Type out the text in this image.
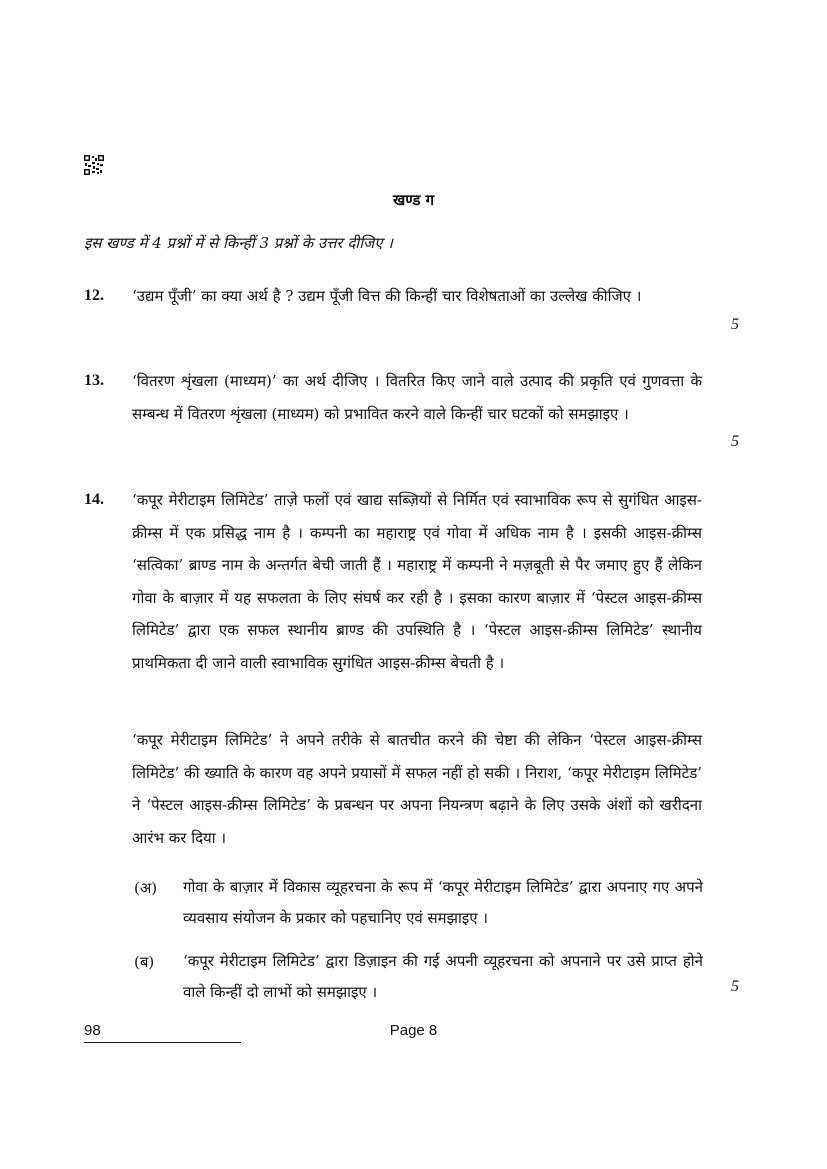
खण्ड ग
इस खण्ड में 4 प्रश्नों में से किन्हीं 3 प्रश्नों के उत्तर दीजिए ।
12. ‘उद्यम पूँजी’ का क्या अर्थ है ? उद्यम पूँजी वित्त की किन्हीं चार विशेषताओं का उल्लेख कीजिए ।
5
13. ‘वितरण शृंखला (माध्यम)’ का अर्थ दीजिए । वितरित किए जाने वाले उत्पाद की प्रकृति एवं गुणवत्ता के सम्बन्ध में वितरण शृंखला (माध्यम) को प्रभावित करने वाले किन्हीं चार घटकों को समझाइए ।
5
14. ‘कपूर मेरीटाइम लिमिटेड’ ताज़े फलों एवं खाद्य सब्ज़ियों से निर्मित एवं स्वाभाविक रूप से सुगंधित आइस-क्रीम्स में एक प्रसिद्ध नाम है । कम्पनी का महाराष्ट्र एवं गोवा में अधिक नाम है । इसकी आइस-क्रीम्स ‘सत्विका’ ब्राण्ड नाम के अन्तर्गत बेची जाती हैं । महाराष्ट्र में कम्पनी ने मज़बूती से पैर जमाए हुए हैं लेकिन गोवा के बाज़ार में यह सफलता के लिए संघर्ष कर रही है । इसका कारण बाज़ार में ‘पेस्टल आइस-क्रीम्स लिमिटेड’ द्वारा एक सफल स्थानीय ब्राण्ड की उपस्थिति है । ‘पेस्टल आइस-क्रीम्स लिमिटेड’ स्थानीय प्राथमिकता दी जाने वाली स्वाभाविक सुगंधित आइस-क्रीम्स बेचती है ।
‘कपूर मेरीटाइम लिमिटेड’ ने अपने तरीके से बातचीत करने की चेष्टा की लेकिन ‘पेस्टल आइस-क्रीम्स लिमिटेड’ की ख्याति के कारण वह अपने प्रयासों में सफल नहीं हो सकी । निराश, ‘कपूर मेरीटाइम लिमिटेड’ ने ‘पेस्टल आइस-क्रीम्स लिमिटेड’ के प्रबन्धन पर अपना नियन्त्रण बढ़ाने के लिए उसके अंशों को खरीदना आरंभ कर दिया ।
(अ) गोवा के बाज़ार में विकास व्यूहरचना के रूप में ‘कपूर मेरीटाइम लिमिटेड’ द्वारा अपनाए गए अपने व्यवसाय संयोजन के प्रकार को पहचानिए एवं समझाइए ।
(ब) ‘कपूर मेरीटाइम लिमिटेड’ द्वारा डिज़ाइन की गई अपनी व्यूहरचना को अपनाने पर उसे प्राप्त होने वाले किन्हीं दो लाभों को समझाइए ।	5
98	Page 8
